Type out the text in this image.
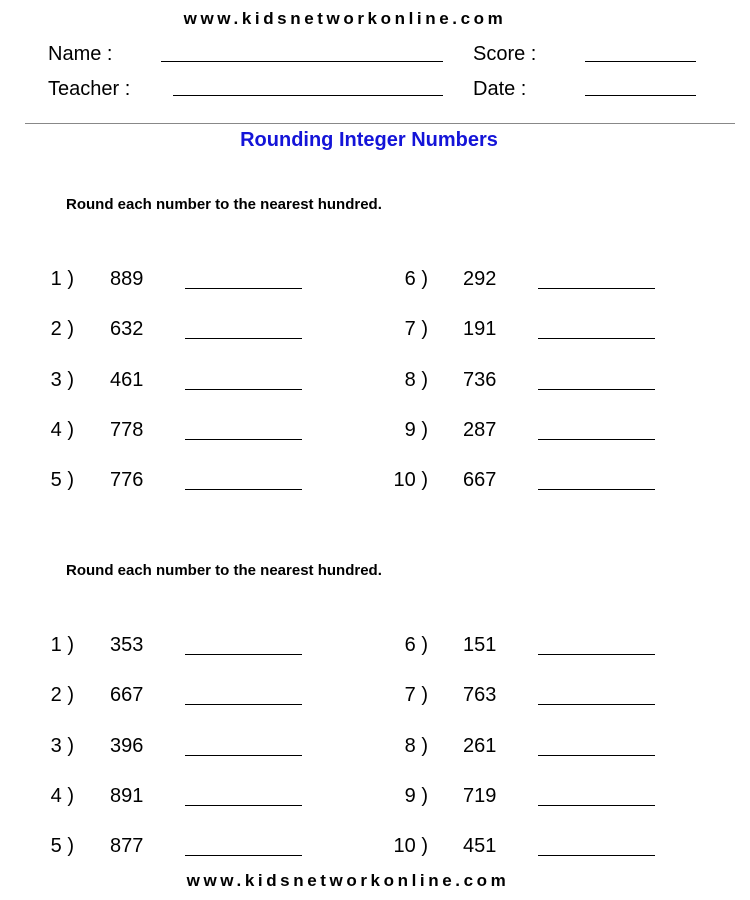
www.kidsnetworkonline.com
Name :	Score :
Teacher :	Date :
Rounding Integer Numbers
Round each number to the nearest hundred.
Round each number to the nearest hundred.
1 ) 889
2 ) 632
3 ) 461
4 ) 778
5 ) 776
6 ) 292
7 ) 191
8 ) 736
9 ) 287
10 ) 667
1 ) 353
2 ) 667
3 ) 396
4 ) 891
5 ) 877
6 ) 151
7 ) 763
8 ) 261
9 ) 719
10 ) 451
www.kidsnetworkonline.com
